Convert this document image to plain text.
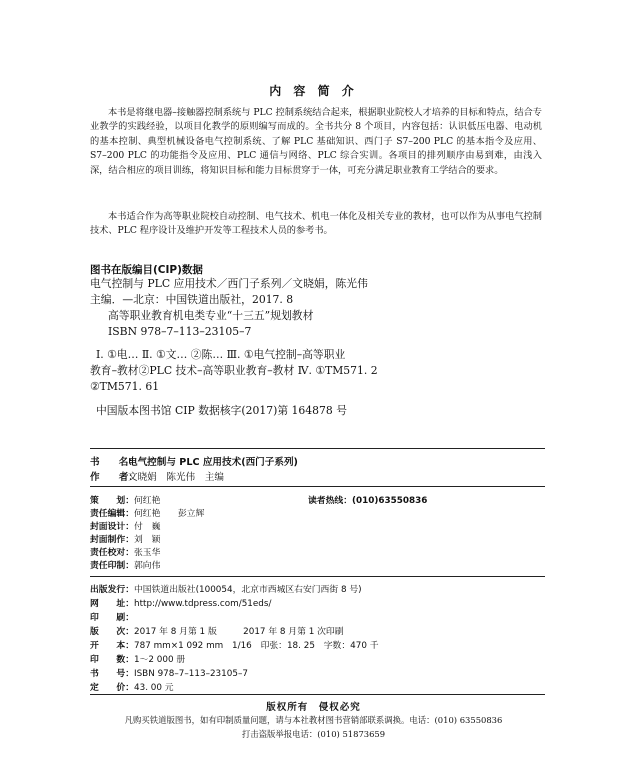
内 容 简 介
本书是将继电器–接触器控制系统与 PLC 控制系统结合起来，根据职业院校人才培养的目标和特点，结合专业教学的实践经验，以项目化教学的原则编写而成的。全书共分 8 个项目，内容包括：认识低压电器、电动机的基本控制、典型机械设备电气控制系统、了解 PLC 基础知识、西门子 S7–200 PLC 的基本指令及应用、S7–200 PLC 的功能指令及应用、PLC 通信与网络、PLC 综合实训。各项目的排列顺序由易到难，由浅入深，结合相应的项目训练，将知识目标和能力目标贯穿于一体，可充分满足职业教育工学结合的要求。
本书适合作为高等职业院校自动控制、电气技术、机电一体化及相关专业的教材，也可以作为从事电气控制技术、PLC 程序设计及维护开发等工程技术人员的参考书。
图书在版编目(CIP)数据
电气控制与 PLC 应用技术／西门子系列／文晓娟，陈光伟
主编．—北京：中国铁道出版社，2017. 8
高等职业教育机电类专业“十三五”规划教材
ISBN 978–7–113–23105–7
Ⅰ. ①电… Ⅱ. ①文… ②陈… Ⅲ. ①电气控制–高等职业
教育–教材②PLC 技术–高等职业教育–教材 Ⅳ. ①TM571. 2
②TM571. 61
中国版本图书馆 CIP 数据核字(2017)第 164878 号
书　　名：电气控制与 PLC 应用技术(西门子系列)
作　　者：文晓娟　陈光伟　主编
策　　划：何红艳
责任编辑：何红艳　　彭立辉
封面设计：付　巍
封面制作：刘　颖
责任校对：张玉华
责任印制：郭向伟
读者热线：(010)63550836
出版发行：中国铁道出版社(100054，北京市西城区右安门西街 8 号)
网　　址：http://www.tdpress.com/51eds/
印　　刷：
版　　次：2017 年 8 月第 1 版　　　2017 年 8 月第 1 次印刷
开　　本：787 mm×1 092 mm　1/16　印张：18. 25　字数：470 千
印　　数：1～2 000 册
书　　号：ISBN 978–7–113–23105–7
定　　价：43. 00 元
版权所有　侵权必究
凡购买铁道版图书，如有印制质量问题，请与本社教材图书营销部联系调换。电话：(010) 63550836
打击盗版举报电话：(010) 51873659
